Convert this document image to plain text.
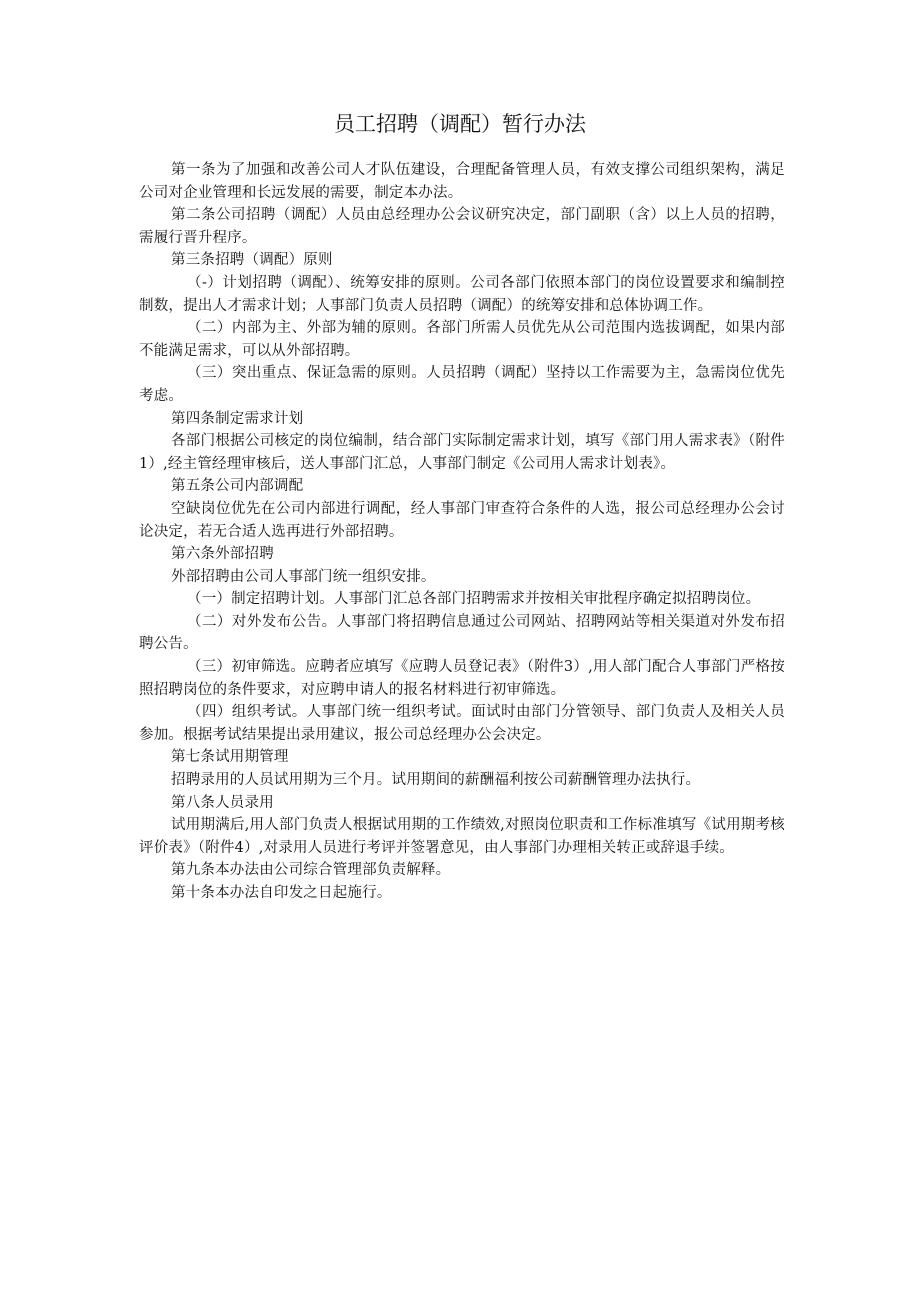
员工招聘（调配）暂行办法

第一条为了加强和改善公司人才队伍建设，合理配备管理人员，有效支撑公司组织架构，满足公司对企业管理和长远发展的需要，制定本办法。

第二条公司招聘（调配）人员由总经理办公会议研究决定，部门副职（含）以上人员的招聘，需履行晋升程序。

第三条招聘（调配）原则

（-）计划招聘（调配）、统筹安排的原则。公司各部门依照本部门的岗位设置要求和编制控制数，提出人才需求计划；人事部门负责人员招聘（调配）的统筹安排和总体协调工作。

（二）内部为主、外部为辅的原则。各部门所需人员优先从公司范围内选拔调配，如果内部不能满足需求，可以从外部招聘。

（三）突出重点、保证急需的原则。人员招聘（调配）坚持以工作需要为主，急需岗位优先考虑。

第四条制定需求计划

各部门根据公司核定的岗位编制，结合部门实际制定需求计划，填写《部门用人需求表》（附件1）,经主管经理审核后，送人事部门汇总，人事部门制定《公司用人需求计划表》。

第五条公司内部调配

空缺岗位优先在公司内部进行调配，经人事部门审查符合条件的人选，报公司总经理办公会讨论决定，若无合适人选再进行外部招聘。

第六条外部招聘

外部招聘由公司人事部门统一组织安排。

（一）制定招聘计划。人事部门汇总各部门招聘需求并按相关审批程序确定拟招聘岗位。

（二）对外发布公告。人事部门将招聘信息通过公司网站、招聘网站等相关渠道对外发布招聘公告。

（三）初审筛选。应聘者应填写《应聘人员登记表》（附件3）,用人部门配合人事部门严格按照招聘岗位的条件要求，对应聘申请人的报名材料进行初审筛选。

（四）组织考试。人事部门统一组织考试。面试时由部门分管领导、部门负责人及相关人员参加。根据考试结果提出录用建议，报公司总经理办公会决定。

第七条试用期管理

招聘录用的人员试用期为三个月。试用期间的薪酬福利按公司薪酬管理办法执行。

第八条人员录用

试用期满后,用人部门负责人根据试用期的工作绩效,对照岗位职责和工作标准填写《试用期考核评价表》（附件4）,对录用人员进行考评并签署意见，由人事部门办理相关转正或辞退手续。

第九条本办法由公司综合管理部负责解释。

第十条本办法自印发之日起施行。
